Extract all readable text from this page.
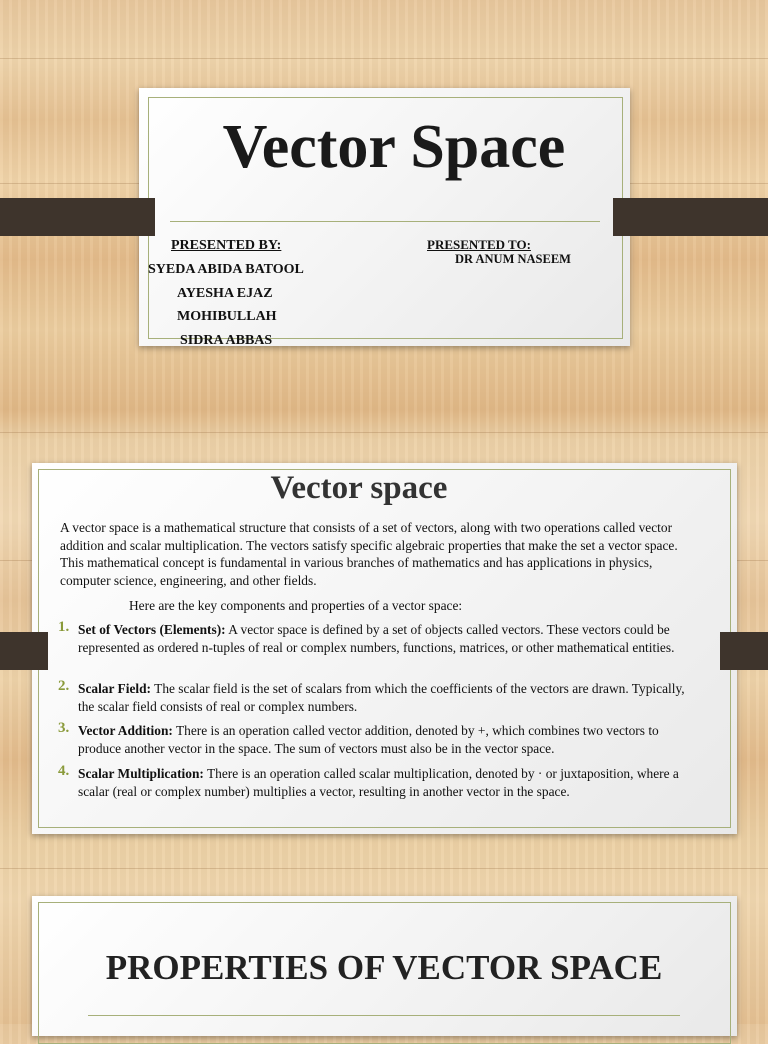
Vector Space
PRESENTED BY:
SYEDA ABIDA BATOOL
AYESHA EJAZ
MOHIBULLAH
SIDRA ABBAS
PRESENTED TO:
DR ANUM NASEEM
Vector space
A vector space is a mathematical structure that consists of a set of vectors, along with two operations called vector addition and scalar multiplication. The vectors satisfy specific algebraic properties that make the set a vector space. This mathematical concept is fundamental in various branches of mathematics and has applications in physics, computer science, engineering, and other fields.
Here are the key components and properties of a vector space:
1. Set of Vectors (Elements): A vector space is defined by a set of objects called vectors. These vectors could be represented as ordered n-tuples of real or complex numbers, functions, matrices, or other mathematical entities.
2. Scalar Field: The scalar field is the set of scalars from which the coefficients of the vectors are drawn. Typically, the scalar field consists of real or complex numbers.
3. Vector Addition: There is an operation called vector addition, denoted by +, which combines two vectors to produce another vector in the space. The sum of vectors must also be in the vector space.
4. Scalar Multiplication: There is an operation called scalar multiplication, denoted by · or juxtaposition, where a scalar (real or complex number) multiplies a vector, resulting in another vector in the space.
PROPERTIES OF VECTOR SPACE
